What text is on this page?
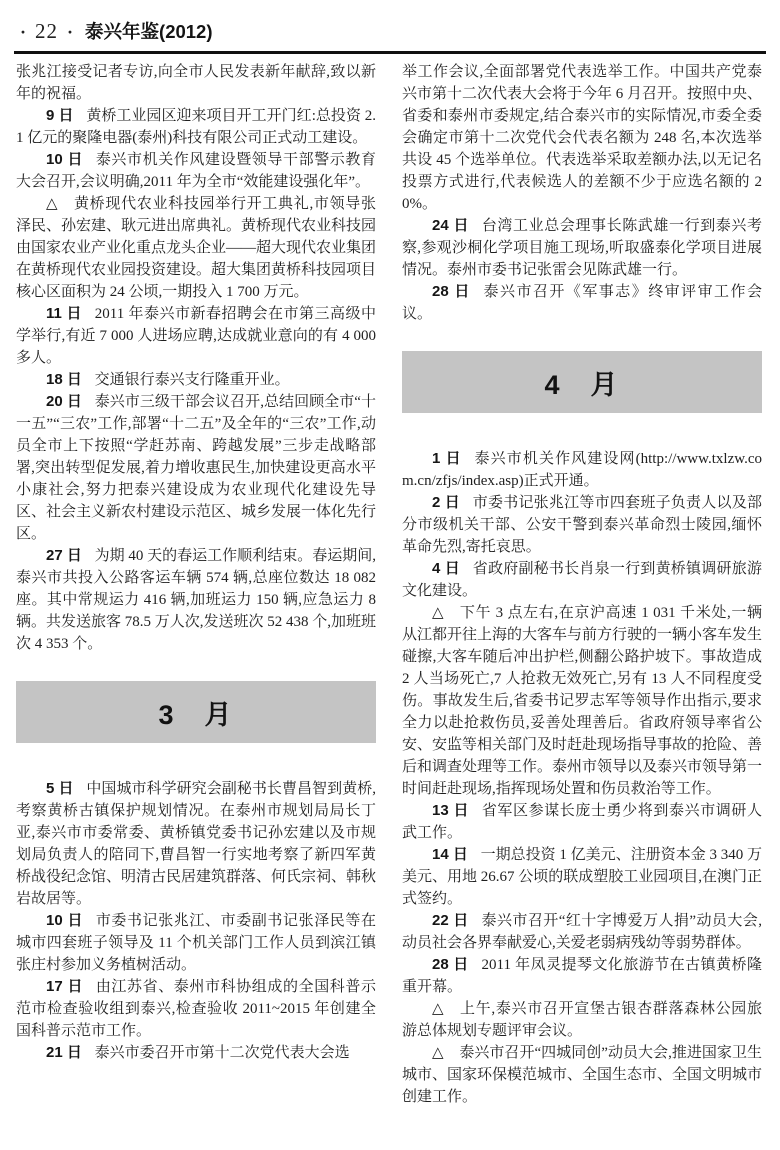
· 22 · 泰兴年鉴(2012)

张兆江接受记者专访,向全市人民发表新年献辞,致以新年的祝福。

9 日 黄桥工业园区迎来项目开工开门红:总投资 2.1 亿元的聚隆电器(泰州)科技有限公司正式动工建设。

10 日 泰兴市机关作风建设暨领导干部警示教育大会召开,会议明确,2011 年为全市“效能建设强化年”。

△ 黄桥现代农业科技园举行开工典礼,市领导张泽民、孙宏建、耿元进出席典礼。黄桥现代农业科技园由国家农业产业化重点龙头企业——超大现代农业集团在黄桥现代农业园投资建设。超大集团黄桥科技园项目核心区面积为 24 公顷,一期投入 1 700 万元。

11 日 2011 年泰兴市新春招聘会在市第三高级中学举行,有近 7 000 人进场应聘,达成就业意向的有 4 000 多人。

18 日 交通银行泰兴支行隆重开业。

20 日 泰兴市三级干部会议召开,总结回顾全市“十一五”“三农”工作,部署“十二五”及全年的“三农”工作,动员全市上下按照“学赶苏南、跨越发展”三步走战略部署,突出转型促发展,着力增收惠民生,加快建设更高水平小康社会,努力把泰兴建设成为农业现代化建设先导区、社会主义新农村建设示范区、城乡发展一体化先行区。

27 日 为期 40 天的春运工作顺利结束。春运期间,泰兴市共投入公路客运车辆 574 辆,总座位数达 18 082 座。其中常规运力 416 辆,加班运力 150 辆,应急运力 8 辆。共发送旅客 78.5 万人次,发送班次 52 438 个,加班班次 4 353 个。

3　月

5 日 中国城市科学研究会副秘书长曹昌智到黄桥,考察黄桥古镇保护规划情况。在泰州市规划局局长丁亚,泰兴市市委常委、黄桥镇党委书记孙宏建以及市规划局负责人的陪同下,曹昌智一行实地考察了新四军黄桥战役纪念馆、明清古民居建筑群落、何氏宗祠、韩秋岩故居等。

10 日 市委书记张兆江、市委副书记张泽民等在城市四套班子领导及 11 个机关部门工作人员到滨江镇张庄村参加义务植树活动。

17 日 由江苏省、泰州市科协组成的全国科普示范市检查验收组到泰兴,检查验收 2011~2015 年创建全国科普示范市工作。

21 日 泰兴市委召开市第十二次党代表大会选

举工作会议,全面部署党代表选举工作。中国共产党泰兴市第十二次代表大会将于今年 6 月召开。按照中央、省委和泰州市委规定,结合泰兴市的实际情况,市委全委会确定市第十二次党代会代表名额为 248 名,本次选举共设 45 个选举单位。代表选举采取差额办法,以无记名投票方式进行,代表候选人的差额不少于应选名额的 20%。

24 日 台湾工业总会理事长陈武雄一行到泰兴考察,参观沙桐化学项目施工现场,听取盛泰化学项目进展情况。泰州市委书记张雷会见陈武雄一行。

28 日 泰兴市召开《军事志》终审评审工作会议。

4　月

1 日 泰兴市机关作风建设网(http://www.txlzw.com.cn/zfjs/index.asp)正式开通。

2 日 市委书记张兆江等市四套班子负责人以及部分市级机关干部、公安干警到泰兴革命烈士陵园,缅怀革命先烈,寄托哀思。

4 日 省政府副秘书长肖泉一行到黄桥镇调研旅游文化建设。

△ 下午 3 点左右,在京沪高速 1 031 千米处,一辆从江都开往上海的大客车与前方行驶的一辆小客车发生碰擦,大客车随后冲出护栏,侧翻公路护坡下。事故造成 2 人当场死亡,7 人抢救无效死亡,另有 13 人不同程度受伤。事故发生后,省委书记罗志军等领导作出指示,要求全力以赴抢救伤员,妥善处理善后。省政府领导率省公安、安监等相关部门及时赶赴现场指导事故的抢险、善后和调查处理等工作。泰州市领导以及泰兴市领导第一时间赶赴现场,指挥现场处置和伤员救治等工作。

13 日 省军区参谋长庞士勇少将到泰兴市调研人武工作。

14 日 一期总投资 1 亿美元、注册资本金 3 340 万美元、用地 26.67 公顷的联成塑胶工业园项目,在澳门正式签约。

22 日 泰兴市召开“红十字博爱万人捐”动员大会,动员社会各界奉献爱心,关爱老弱病残幼等弱势群体。

28 日 2011 年凤灵提琴文化旅游节在古镇黄桥隆重开幕。

△ 上午,泰兴市召开宣堡古银杏群落森林公园旅游总体规划专题评审会议。

△ 泰兴市召开“四城同创”动员大会,推进国家卫生城市、国家环保模范城市、全国生态市、全国文明城市创建工作。
